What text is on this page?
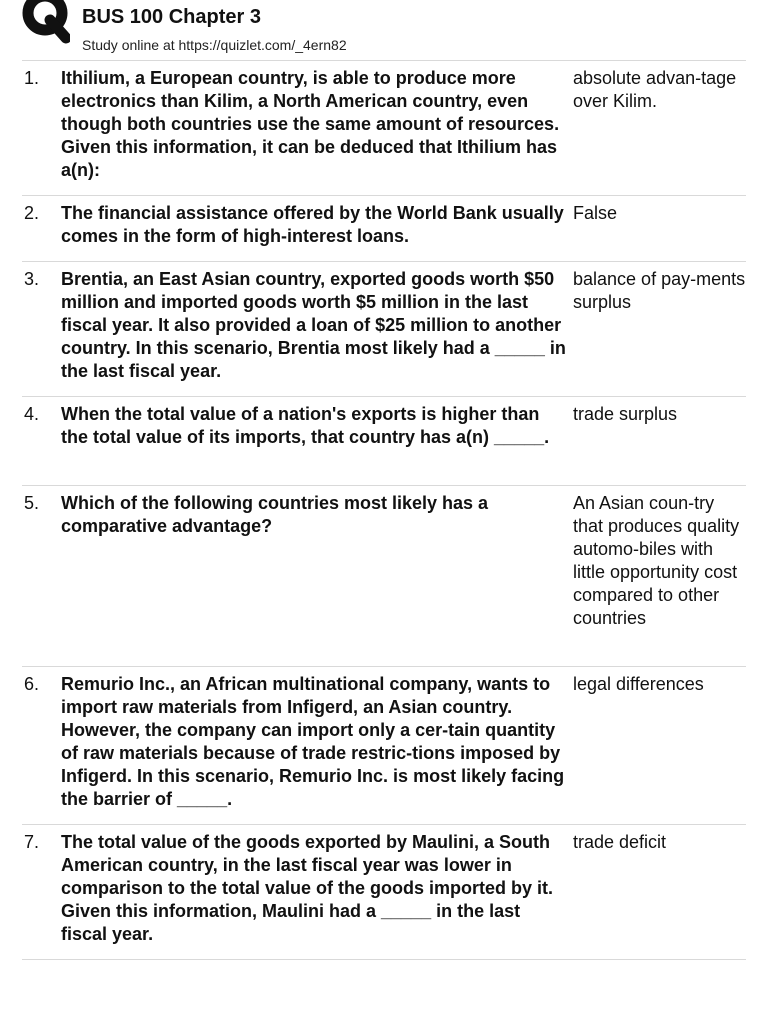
BUS 100 Chapter 3
Study online at https://quizlet.com/_4ern82
1. Ithilium, a European country, is able to produce more electronics than Kilim, a North American country, even though both countries use the same amount of resources. Given this information, it can be deduced that Ithilium has a(n):
absolute advan-tage over Kilim.
2. The financial assistance offered by the World Bank usually comes in the form of high-interest loans.
False
3. Brentia, an East Asian country, exported goods worth $50 million and imported goods worth $5 million in the last fiscal year. It also provided a loan of $25 million to another country. In this scenario, Brentia most likely had a _____ in the last fiscal year.
balance of pay-ments surplus
4. When the total value of a nation's exports is higher than the total value of its imports, that country has a(n) _____.
trade surplus
5. Which of the following countries most likely has a comparative advantage?
An Asian coun-try that produces quality automo-biles with little opportunity cost compared to other countries
6. Remurio Inc., an African multinational company, wants to import raw materials from Infigerd, an Asian country. However, the company can import only a cer-tain quantity of raw materials because of trade restric-tions imposed by Infigerd. In this scenario, Remurio Inc. is most likely facing the barrier of _____.
legal differences
7. The total value of the goods exported by Maulini, a South American country, in the last fiscal year was lower in comparison to the total value of the goods imported by it. Given this information, Maulini had a _____ in the last fiscal year.
trade deficit
